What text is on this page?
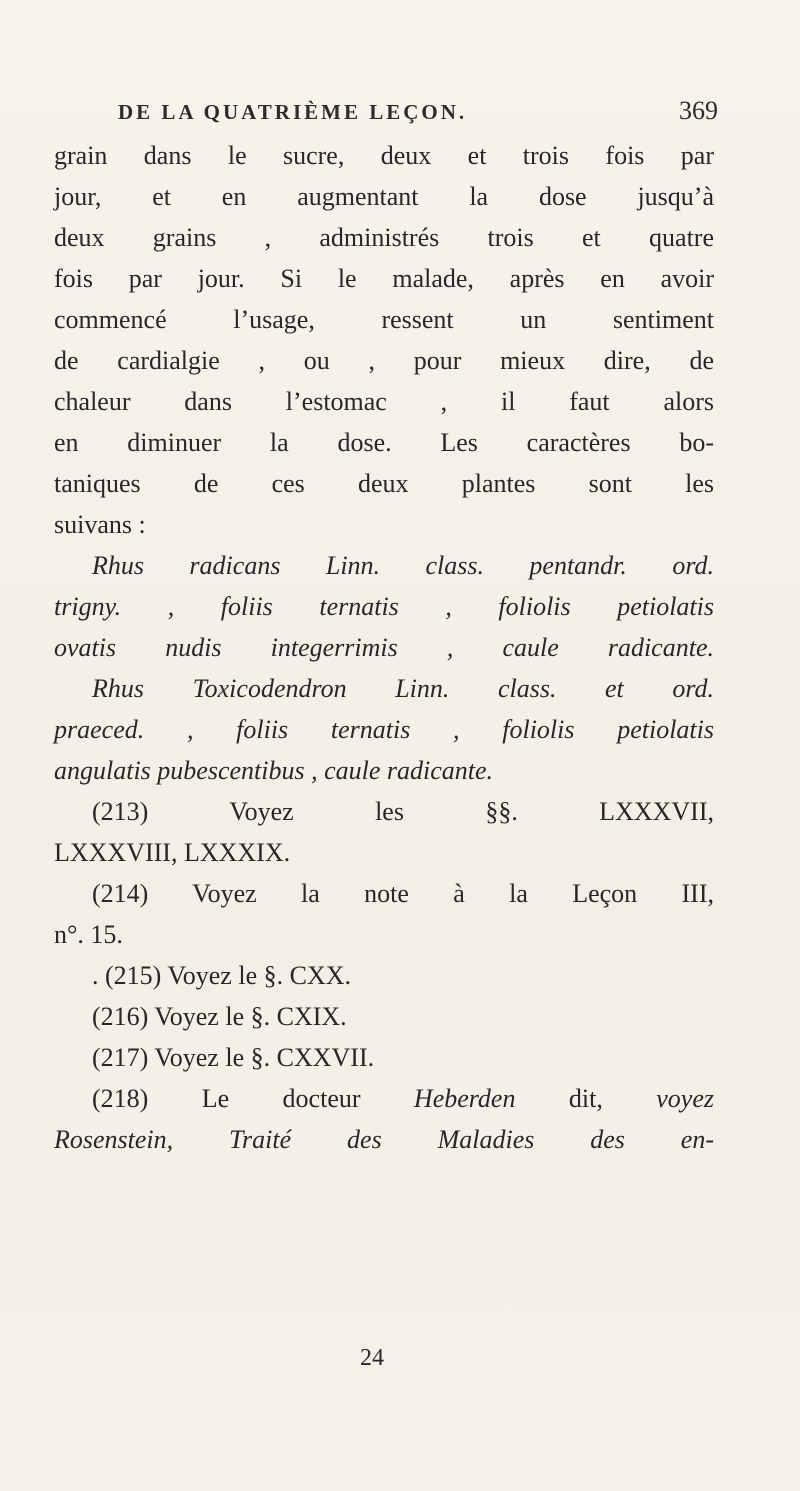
DE LA QUATRIÈME LEÇON.	369
grain dans le sucre, deux et trois fois par
jour, et en augmentant la dose jusqu’à
deux grains , administrés trois et quatre
fois par jour. Si le malade, après en avoir
commencé l’usage, ressent un sentiment
de cardialgie , ou , pour mieux dire, de
chaleur dans l’estomac , il faut alors
en diminuer la dose. Les caractères bo-
taniques de ces deux plantes sont les
suivans :
Rhus radicans Linn. class. pentandr. ord.
trigny. , foliis ternatis , foliolis petiolatis
ovatis nudis integerrimis , caule radicante.
Rhus Toxicodendron Linn. class. et ord.
praeced. , foliis ternatis , foliolis petiolatis
angulatis pubescentibus , caule radicante.
(213) Voyez les §§. LXXXVII,
LXXXVIII, LXXXIX.
(214) Voyez la note à la Leçon III,
n°. 15.
. (215) Voyez le §. CXX.
(216) Voyez le §. CXIX.
(217) Voyez le §. CXXVII.
(218) Le docteur Heberden dit, voyez
Rosenstein, Traité des Maladies des en-
24
